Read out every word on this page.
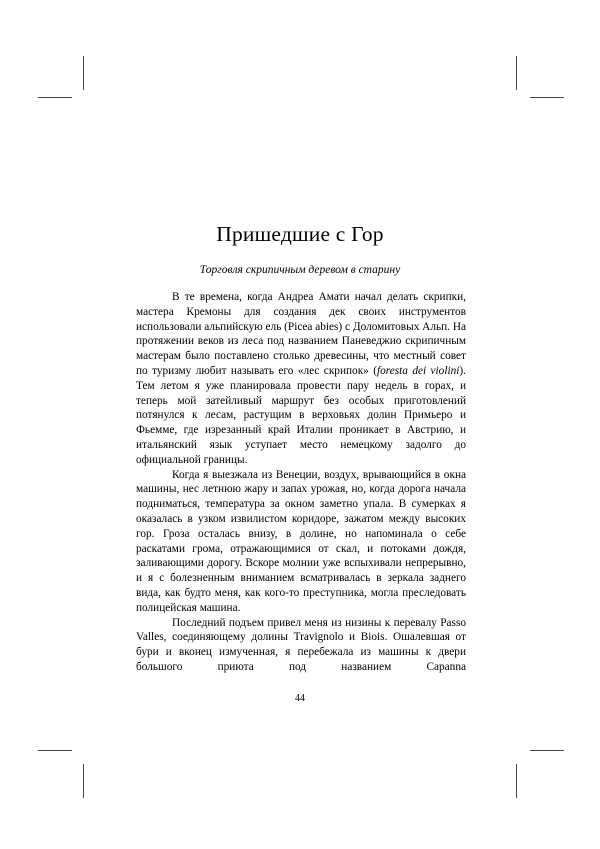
Пришедшие с Гор
Торговля скрипичным деревом в старину

В те времена, когда Андреа Амати начал делать скрипки, мастера Кремоны для создания дек своих инструментов использовали альпийскую ель (Picea abies) с Доломитовых Альп. На протяжении веков из леса под названием Паневеджио скрипичным мастерам было поставлено столько древесины, что местный совет по туризму любит называть его «лес скрипок» (foresta dei violini). Тем летом я уже планировала провести пару недель в горах, и теперь мой затейливый маршрут без особых приготовлений потянулся к лесам, растущим в верховьях долин Примьеро и Фьемме, где изрезанный край Италии проникает в Австрию, и итальянский язык уступает место немецкому задолго до официальной границы.

Когда я выезжала из Венеции, воздух, врывающийся в окна машины, нес летнюю жару и запах урожая, но, когда дорога начала подниматься, температура за окном заметно упала. В сумерках я оказалась в узком извилистом коридоре, зажатом между высоких гор. Гроза осталась внизу, в долине, но напоминала о себе раскатами грома, отражающимися от скал, и потоками дождя, заливающими дорогу. Вскоре молнии уже вспыхивали непрерывно, и я с болезненным вниманием всматривалась в зеркала заднего вида, как будто меня, как кого-то преступника, могла преследовать полицейская машина.

Последний подъем привел меня из низины к перевалу Passo Valles, соединяющему долины Travignolo и Biois. Ошалевшая от бури и вконец измученная, я перебежала из машины к двери большого приюта под названием Capanna

44
